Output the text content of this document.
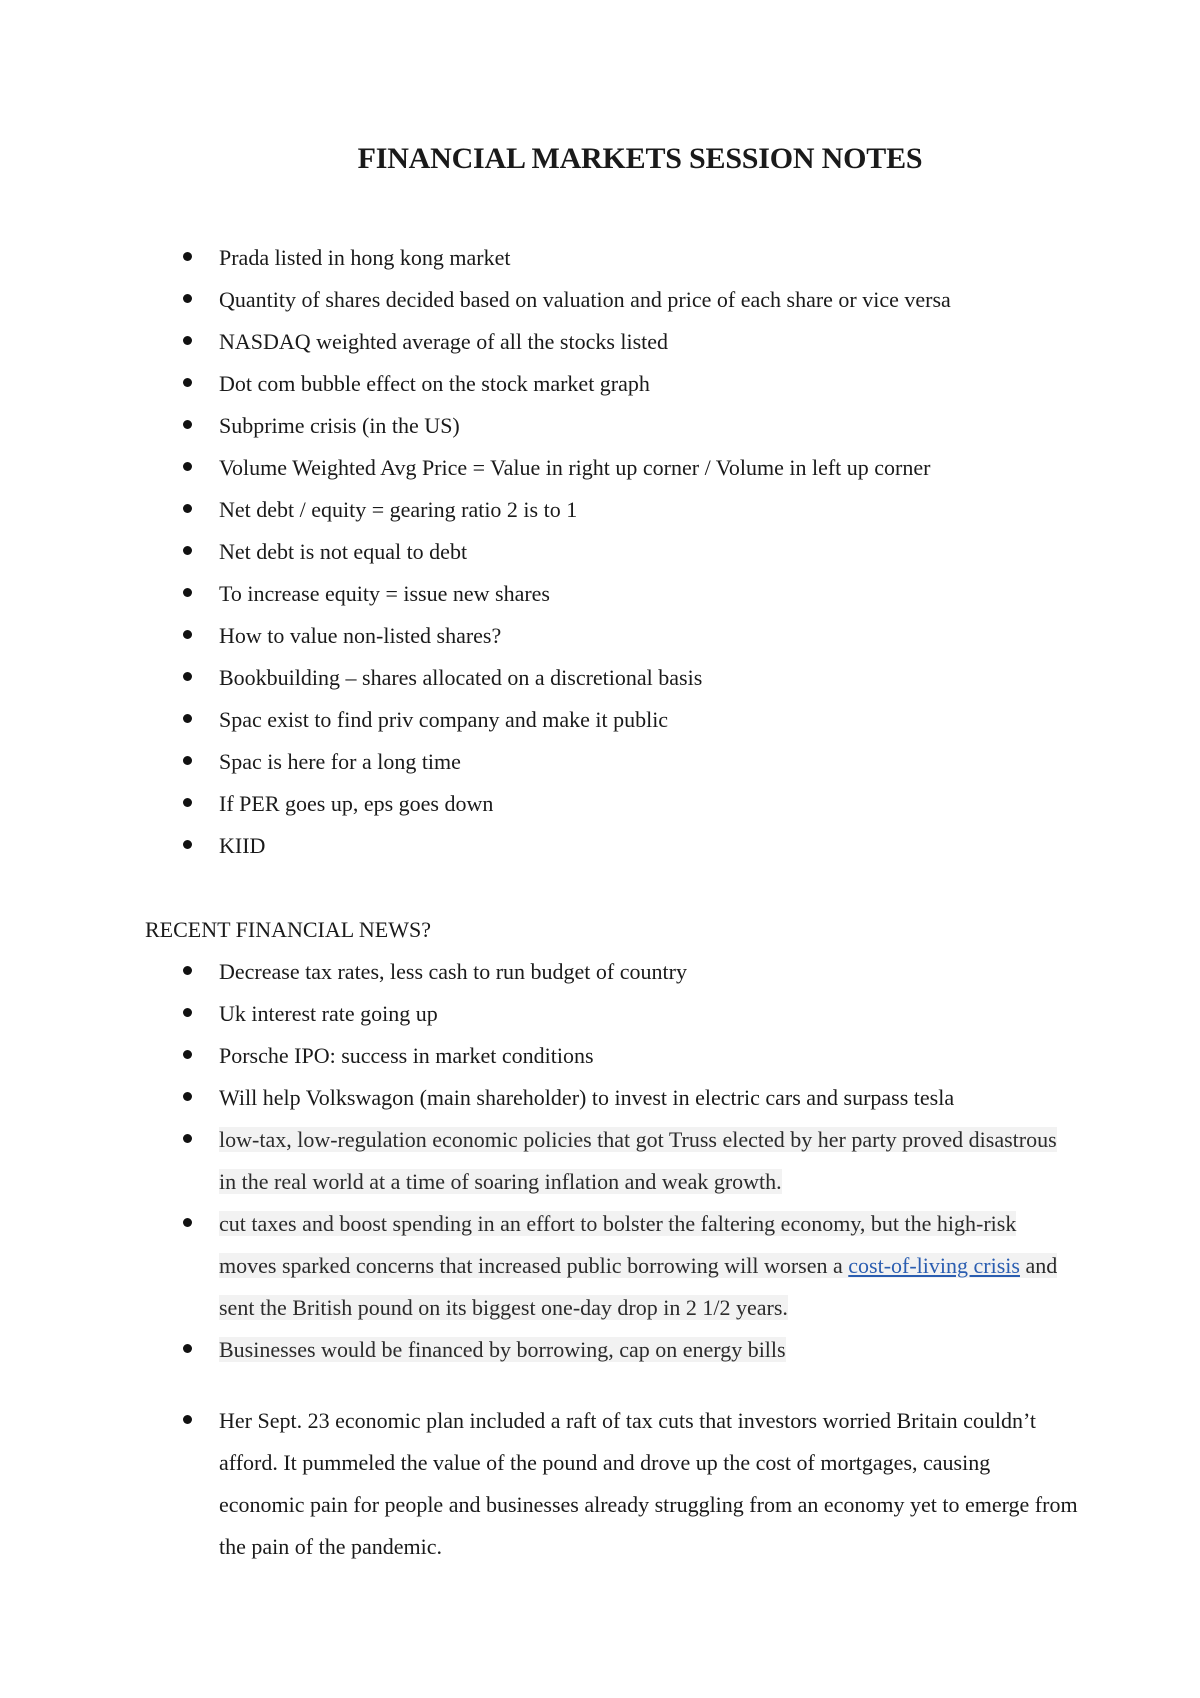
FINANCIAL MARKETS SESSION NOTES
Prada listed in hong kong market
Quantity of shares decided based on valuation and price of each share or vice versa
NASDAQ weighted average of all the stocks listed
Dot com bubble effect on the stock market graph
Subprime crisis (in the US)
Volume Weighted Avg Price = Value in right up corner / Volume in left up corner
Net debt / equity = gearing ratio 2 is to 1
Net debt is not equal to debt
To increase equity = issue new shares
How to value non-listed shares?
Bookbuilding – shares allocated on a discretional basis
Spac exist to find priv company and make it public
Spac is here for a long time
If PER goes up, eps goes down
KIID
RECENT FINANCIAL NEWS?
Decrease tax rates, less cash to run budget of country
Uk interest rate going up
Porsche IPO: success in market conditions
Will help Volkswagon (main shareholder) to invest in electric cars and surpass tesla
low-tax, low-regulation economic policies that got Truss elected by her party proved disastrous in the real world at a time of soaring inflation and weak growth.
cut taxes and boost spending in an effort to bolster the faltering economy, but the high-risk moves sparked concerns that increased public borrowing will worsen a cost-of-living crisis and sent the British pound on its biggest one-day drop in 2 1/2 years.
Businesses would be financed by borrowing, cap on energy bills
Her Sept. 23 economic plan included a raft of tax cuts that investors worried Britain couldn’t afford. It pummeled the value of the pound and drove up the cost of mortgages, causing economic pain for people and businesses already struggling from an economy yet to emerge from the pain of the pandemic.
